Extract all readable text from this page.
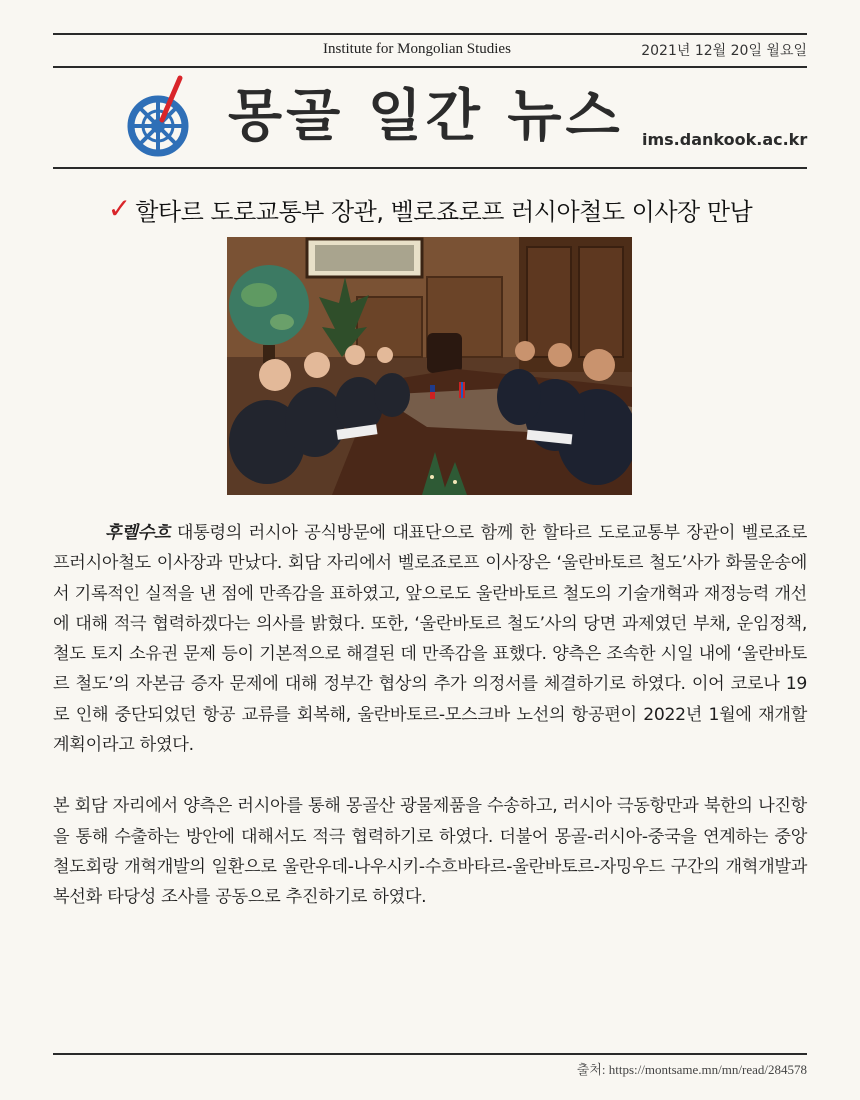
Institute for Mongolian Studies	2021년 12월 20일 월요일
몽골 일간 뉴스 ims.dankook.ac.kr
✓ 할타르 도로교통부 장관, 벨로죠로프 러시아철도 이사장 만남

후렐수흐 대통령의 러시아 공식방문에 대표단으로 함께 한 할타르 도로교통부 장관이 벨로죠로프러시아철도 이사장과 만났다. 회담 자리에서 벨로죠로프 이사장은 ‘울란바토르 철도’사가 화물운송에서 기록적인 실적을 낸 점에 만족감을 표하였고, 앞으로도 울란바토르 철도의 기술개혁과 재정능력 개선에 대해 적극 협력하겠다는 의사를 밝혔다. 또한, ‘울란바토르 철도’사의 당면 과제였던 부채, 운임정책, 철도 토지 소유권 문제 등이 기본적으로 해결된 데 만족감을 표했다. 양측은 조속한 시일 내에 ‘울란바토르 철도’의 자본금 증자 문제에 대해 정부간 협상의 추가 의정서를 체결하기로 하였다. 이어 코로나 19로 인해 중단되었던 항공 교류를 회복해, 울란바토르-모스크바 노선의 항공편이 2022년 1월에 재개할 계획이라고 하였다.

본 회담 자리에서 양측은 러시아를 통해 몽골산 광물제품을 수송하고, 러시아 극동항만과 북한의 나진항을 통해 수출하는 방안에 대해서도 적극 협력하기로 하였다. 더불어 몽골-러시아-중국을 연계하는 중앙철도회랑 개혁개발의 일환으로 울란우데-나우시키-수흐바타르-울란바토르-자밍우드 구간의 개혁개발과 복선화 타당성 조사를 공동으로 추진하기로 하였다.

출처: https://montsame.mn/mn/read/284578
